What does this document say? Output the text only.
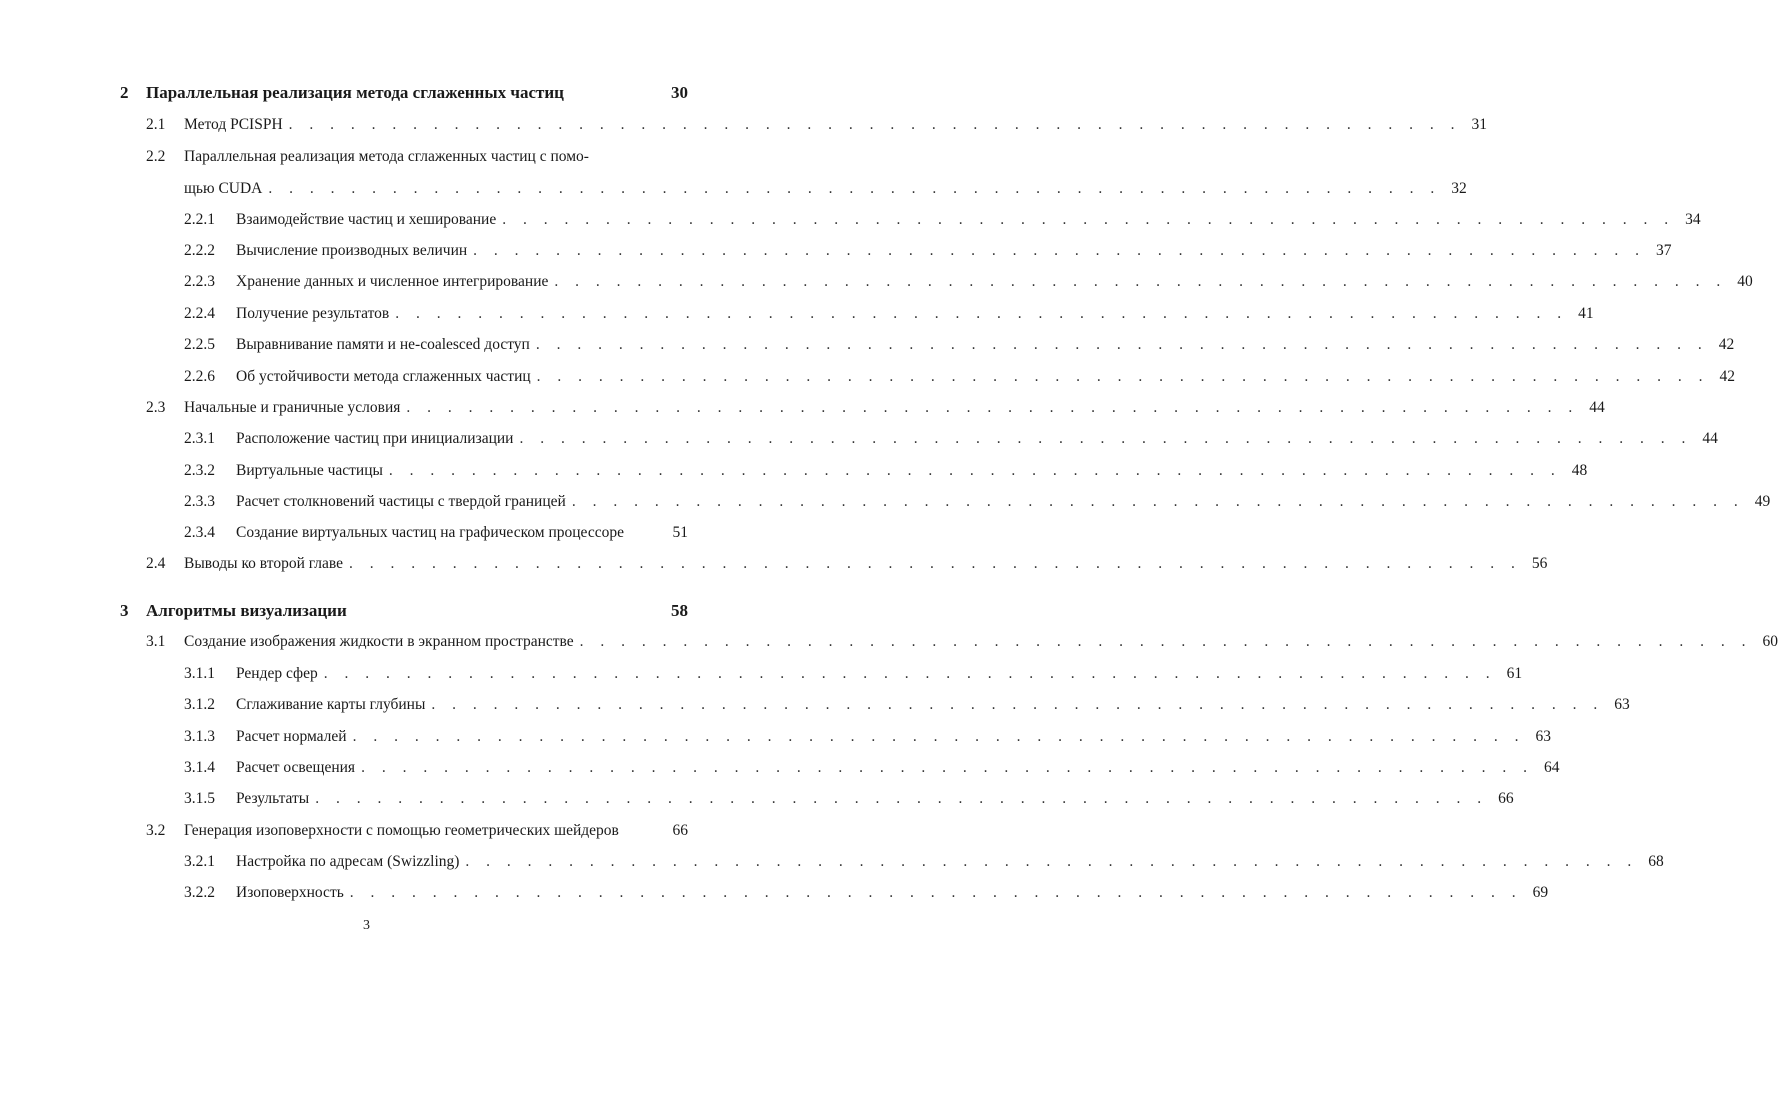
2	Параллельная реализация метода сглаженных частиц	30
2.1	Метод PCISPH . . . . . . . . . . . . . . . . . . . . . . . . . . . . . . . . . . . . . . . . . . . . . . . . . . . . . . . . . 31
2.2	Параллельная реализация метода сглаженных частиц с помо-
щью CUDA . . . . . . . . . . . . . . . . . . . . . . . . . . . . . . . . . . . . . . . . . . . . . . . . . . . . . . . . . 32
2.2.1	Взаимодействие частиц и хеширование . . . . . . . . . . . . . . . . . . . . . . . . . . . . . . . . . . . . . . . . . . . . . . . . . . . . . . . . . 34
2.2.2	Вычисление производных величин . . . . . . . . . . . . . . . . . . . . . . . . . . . . . . . . . . . . . . . . . . . . . . . . . . . . . . . . . 37
2.2.3	Хранение данных и численное интегрирование . . . . . . . . . . . . . . . . . . . . . . . . . . . . . . . . . . . . . . . . . . . . . . . . . . . . . . . . . 40
2.2.4	Получение результатов . . . . . . . . . . . . . . . . . . . . . . . . . . . . . . . . . . . . . . . . . . . . . . . . . . . . . . . . . 41
2.2.5	Выравнивание памяти и не-coalesced доступ . . . . . . . . . . . . . . . . . . . . . . . . . . . . . . . . . . . . . . . . . . . . . . . . . . . . . . . . . 42
2.2.6	Об устойчивости метода сглаженных частиц . . . . . . . . . . . . . . . . . . . . . . . . . . . . . . . . . . . . . . . . . . . . . . . . . . . . . . . . . 42
2.3	Начальные и граничные условия . . . . . . . . . . . . . . . . . . . . . . . . . . . . . . . . . . . . . . . . . . . . . . . . . . . . . . . . . 44
2.3.1	Расположение частиц при инициализации . . . . . . . . . . . . . . . . . . . . . . . . . . . . . . . . . . . . . . . . . . . . . . . . . . . . . . . . . 44
2.3.2	Виртуальные частицы . . . . . . . . . . . . . . . . . . . . . . . . . . . . . . . . . . . . . . . . . . . . . . . . . . . . . . . . . 48
2.3.3	Расчет столкновений частицы с твердой границей . . . . . . . . . . . . . . . . . . . . . . . . . . . . . . . . . . . . . . . . . . . . . . . . . . . . . . . . . 49
2.3.4	Создание виртуальных частиц на графическом процессоре	51
2.4	Выводы ко второй главе . . . . . . . . . . . . . . . . . . . . . . . . . . . . . . . . . . . . . . . . . . . . . . . . . . . . . . . . . 56
3	Алгоритмы визуализации	58
3.1	Создание изображения жидкости в экранном пространстве . . . . . . . . . . . . . . . . . . . . . . . . . . . . . . . . . . . . . . . . . . . . . . . . . . . . . . . . . 60
3.1.1	Рендер сфер . . . . . . . . . . . . . . . . . . . . . . . . . . . . . . . . . . . . . . . . . . . . . . . . . . . . . . . . . 61
3.1.2	Сглаживание карты глубины . . . . . . . . . . . . . . . . . . . . . . . . . . . . . . . . . . . . . . . . . . . . . . . . . . . . . . . . . 63
3.1.3	Расчет нормалей . . . . . . . . . . . . . . . . . . . . . . . . . . . . . . . . . . . . . . . . . . . . . . . . . . . . . . . . . 63
3.1.4	Расчет освещения . . . . . . . . . . . . . . . . . . . . . . . . . . . . . . . . . . . . . . . . . . . . . . . . . . . . . . . . . 64
3.1.5	Результаты . . . . . . . . . . . . . . . . . . . . . . . . . . . . . . . . . . . . . . . . . . . . . . . . . . . . . . . . . 66
3.2	Генерация изоповерхности с помощью геометрических шейдеров	66
3.2.1	Настройка по адресам (Swizzling) . . . . . . . . . . . . . . . . . . . . . . . . . . . . . . . . . . . . . . . . . . . . . . . . . . . . . . . . . 68
3.2.2	Изоповерхность . . . . . . . . . . . . . . . . . . . . . . . . . . . . . . . . . . . . . . . . . . . . . . . . . . . . . . . . . 69
3
